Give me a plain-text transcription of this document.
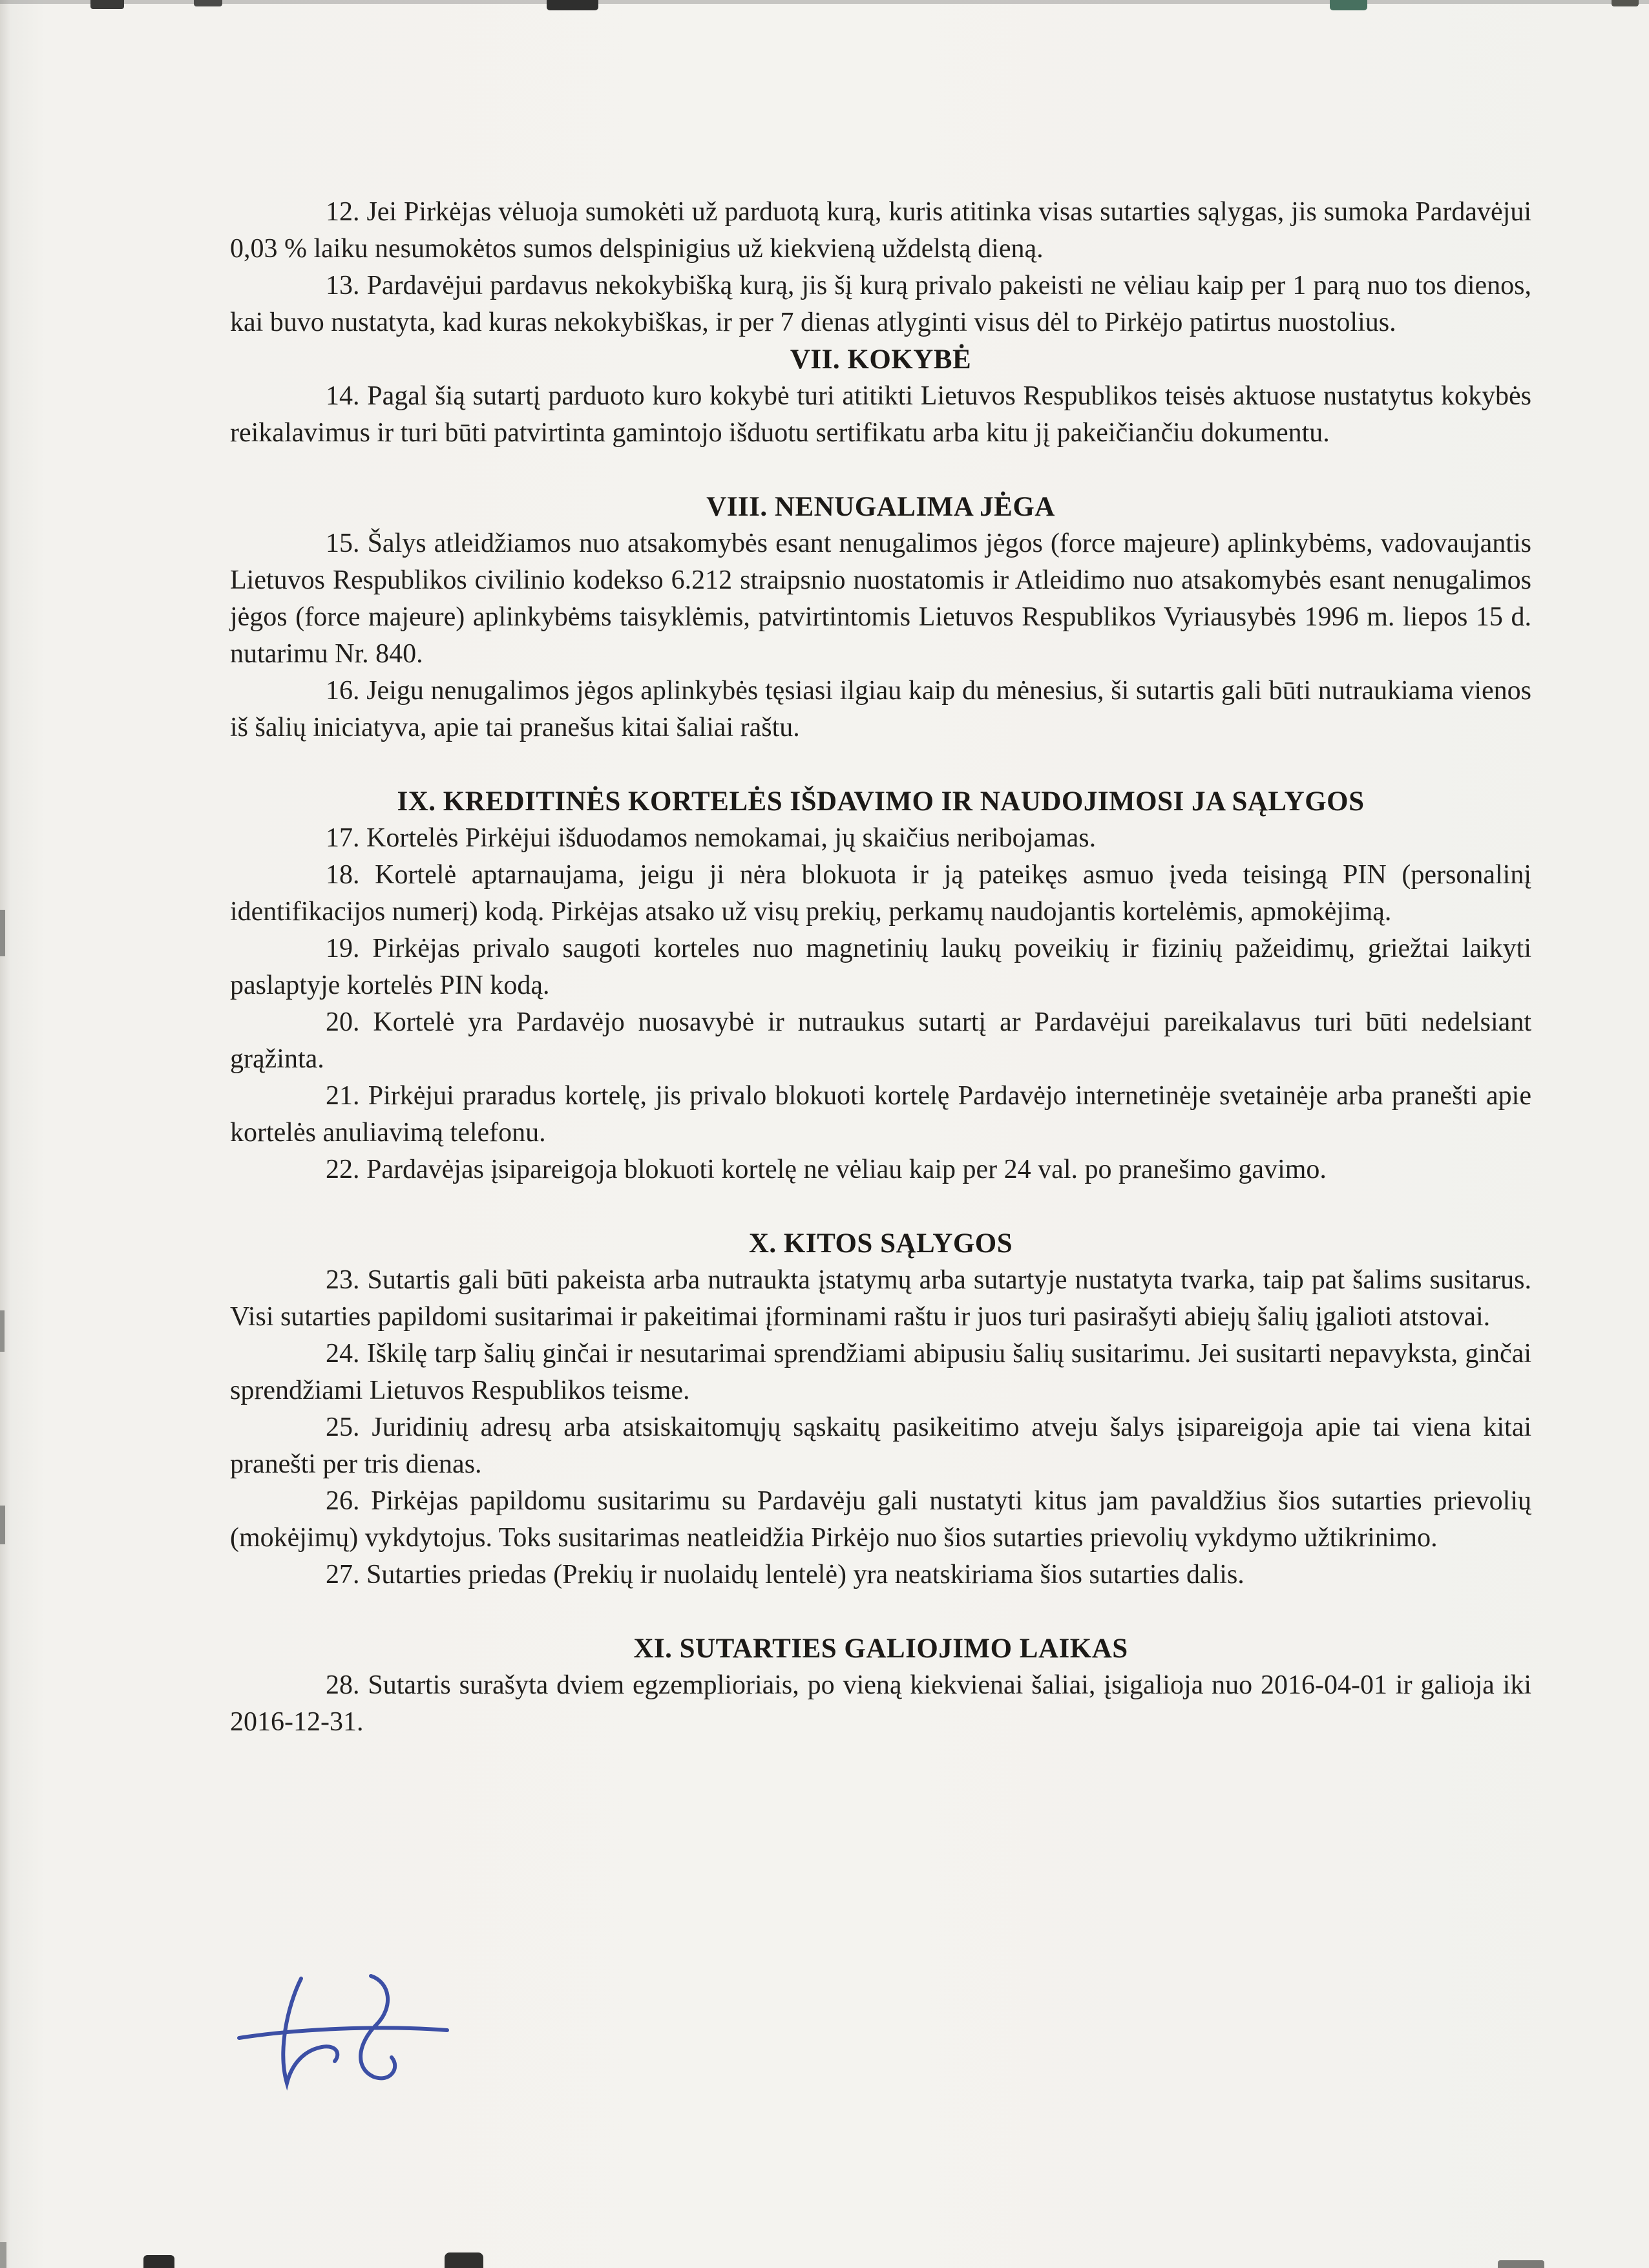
12. Jei Pirkėjas vėluoja sumokėti už parduotą kurą, kuris atitinka visas sutarties sąlygas, jis sumoka Pardavėjui 0,03 % laiku nesumokėtos sumos delspinigius už kiekvieną uždelstą dieną.

13. Pardavėjui pardavus nekokybišką kurą, jis šį kurą privalo pakeisti ne vėliau kaip per 1 parą nuo tos dienos, kai buvo nustatyta, kad kuras nekokybiškas, ir per 7 dienas atlyginti visus dėl to Pirkėjo patirtus nuostolius.

VII. KOKYBĖ

14. Pagal šią sutartį parduoto kuro kokybė turi atitikti Lietuvos Respublikos teisės aktuose nustatytus kokybės reikalavimus ir turi būti patvirtinta gamintojo išduotu sertifikatu arba kitu jį pakeičiančiu dokumentu.

VIII. NENUGALIMA JĖGA

15. Šalys atleidžiamos nuo atsakomybės esant nenugalimos jėgos (force majeure) aplinkybėms, vadovaujantis Lietuvos Respublikos civilinio kodekso 6.212 straipsnio nuostatomis ir Atleidimo nuo atsakomybės esant nenugalimos jėgos (force majeure) aplinkybėms taisyklėmis, patvirtintomis Lietuvos Respublikos Vyriausybės 1996 m. liepos 15 d. nutarimu Nr. 840.

16. Jeigu nenugalimos jėgos aplinkybės tęsiasi ilgiau kaip du mėnesius, ši sutartis gali būti nutraukiama vienos iš šalių iniciatyva, apie tai pranešus kitai šaliai raštu.

IX. KREDITINĖS KORTELĖS IŠDAVIMO IR NAUDOJIMOSI JA SĄLYGOS

17. Kortelės Pirkėjui išduodamos nemokamai, jų skaičius neribojamas.

18. Kortelė aptarnaujama, jeigu ji nėra blokuota ir ją pateikęs asmuo įveda teisingą PIN (personalinį identifikacijos numerį) kodą. Pirkėjas atsako už visų prekių, perkamų naudojantis kortelėmis, apmokėjimą.

19. Pirkėjas privalo saugoti korteles nuo magnetinių laukų poveikių ir fizinių pažeidimų, griežtai laikyti paslaptyje kortelės PIN kodą.

20. Kortelė yra Pardavėjo nuosavybė ir nutraukus sutartį ar Pardavėjui pareikalavus turi būti nedelsiant grąžinta.

21. Pirkėjui praradus kortelę, jis privalo blokuoti kortelę Pardavėjo internetinėje svetainėje arba pranešti apie kortelės anuliavimą telefonu.

22. Pardavėjas įsipareigoja blokuoti kortelę ne vėliau kaip per 24 val. po pranešimo gavimo.

X. KITOS SĄLYGOS

23. Sutartis gali būti pakeista arba nutraukta įstatymų arba sutartyje nustatyta tvarka, taip pat šalims susitarus. Visi sutarties papildomi susitarimai ir pakeitimai įforminami raštu ir juos turi pasirašyti abiejų šalių įgalioti atstovai.

24. Iškilę tarp šalių ginčai ir nesutarimai sprendžiami abipusiu šalių susitarimu. Jei susitarti nepavyksta, ginčai sprendžiami Lietuvos Respublikos teisme.

25. Juridinių adresų arba atsiskaitomųjų sąskaitų pasikeitimo atveju šalys įsipareigoja apie tai viena kitai pranešti per tris dienas.

26. Pirkėjas papildomu susitarimu su Pardavėju gali nustatyti kitus jam pavaldžius šios sutarties prievolių (mokėjimų) vykdytojus. Toks susitarimas neatleidžia Pirkėjo nuo šios sutarties prievolių vykdymo užtikrinimo.

27. Sutarties priedas (Prekių ir nuolaidų lentelė) yra neatskiriama šios sutarties dalis.

XI. SUTARTIES GALIOJIMO LAIKAS

28. Sutartis surašyta dviem egzemplioriais, po vieną kiekvienai šaliai, įsigalioja nuo 2016-04-01 ir galioja iki 2016-12-31.
